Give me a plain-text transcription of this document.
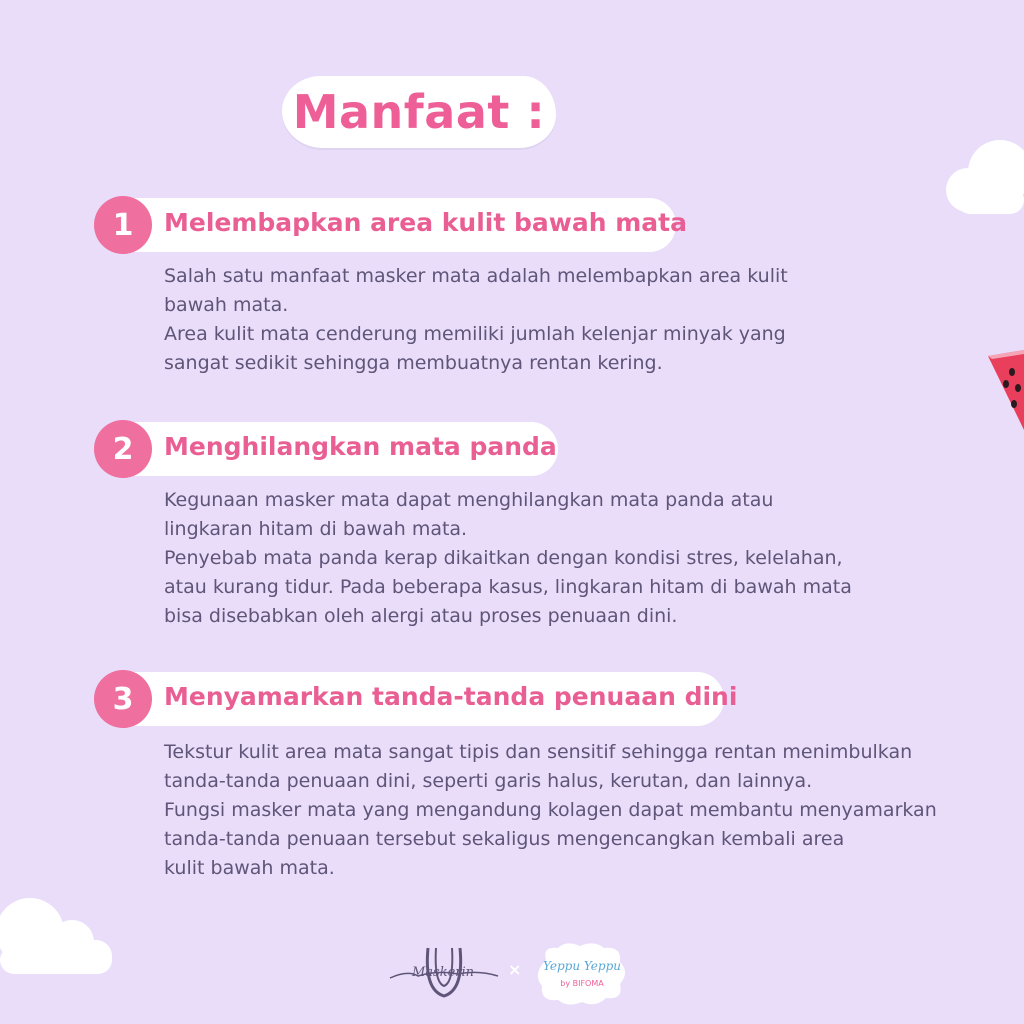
Manfaat :
1	Melembapkan area kulit bawah mata

Salah satu manfaat masker mata adalah melembapkan area kulit

bawah mata.

Area kulit mata cenderung memiliki jumlah kelenjar minyak yang

sangat sedikit sehingga membuatnya rentan kering.

2	Menghilangkan mata panda

Kegunaan masker mata dapat menghilangkan mata panda atau

lingkaran hitam di bawah mata.

Penyebab mata panda kerap dikaitkan dengan kondisi stres, kelelahan,

atau kurang tidur. Pada beberapa kasus, lingkaran hitam di bawah mata

bisa disebabkan oleh alergi atau proses penuaan dini.

3	Menyamarkan tanda-tanda penuaan dini

Tekstur kulit area mata sangat tipis dan sensitif sehingga rentan menimbulkan

tanda-tanda penuaan dini, seperti garis halus, kerutan, dan lainnya.

Fungsi masker mata yang mengandung kolagen dapat membantu menyamarkan

tanda-tanda penuaan tersebut sekaligus mengencangkan kembali area

kulit bawah mata.

Maskerin × Yeppu Yeppu
by BIFOMA
